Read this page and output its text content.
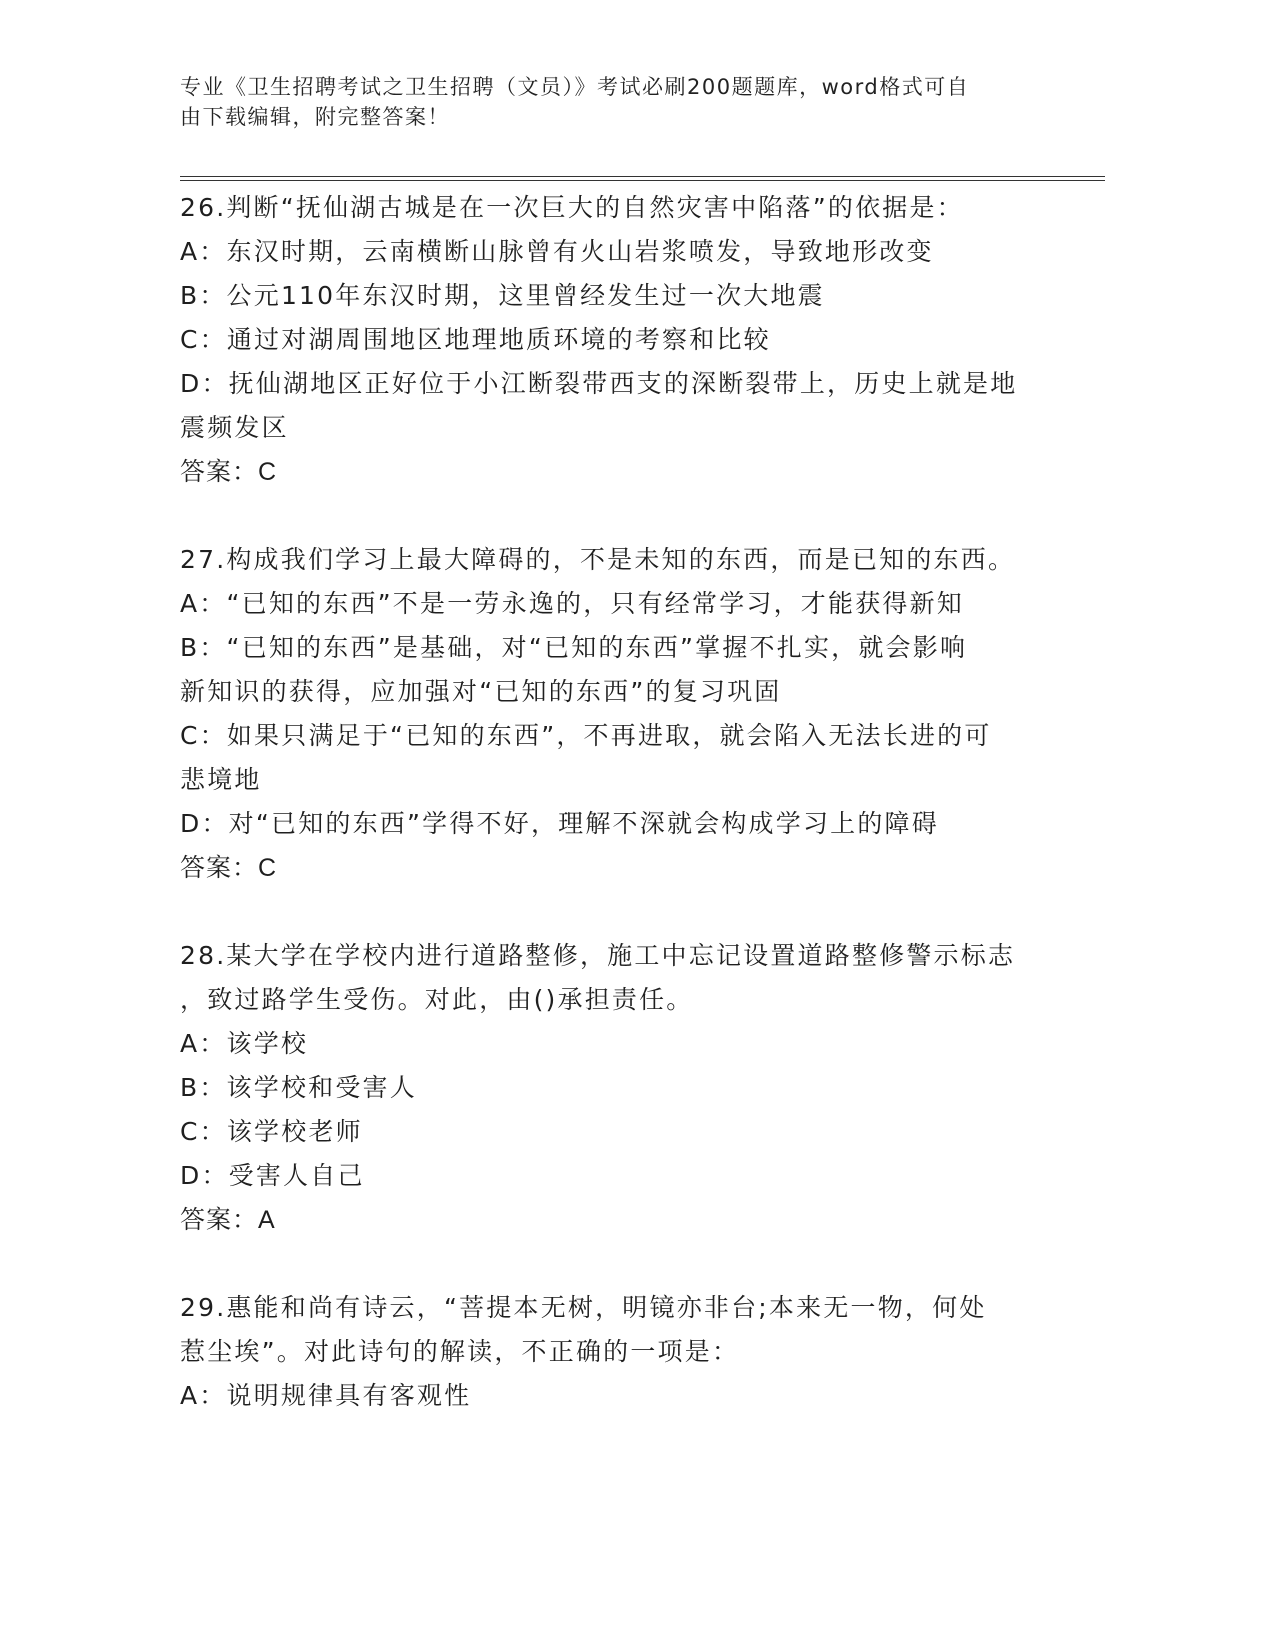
专业《卫生招聘考试之卫生招聘（文员）》考试必刷200题题库，word格式可自
由下载编辑，附完整答案！
26.判断“抚仙湖古城是在一次巨大的自然灾害中陷落”的依据是：
A：东汉时期，云南横断山脉曾有火山岩浆喷发，导致地形改变
B：公元110年东汉时期，这里曾经发生过一次大地震
C：通过对湖周围地区地理地质环境的考察和比较
D：抚仙湖地区正好位于小江断裂带西支的深断裂带上，历史上就是地
震频发区
答案：C
27.构成我们学习上最大障碍的，不是未知的东西，而是已知的东西。
A：“已知的东西”不是一劳永逸的，只有经常学习，才能获得新知
B：“已知的东西”是基础，对“已知的东西”掌握不扎实，就会影响
新知识的获得，应加强对“已知的东西”的复习巩固
C：如果只满足于“已知的东西”，不再进取，就会陷入无法长进的可
悲境地
D：对“已知的东西”学得不好，理解不深就会构成学习上的障碍
答案：C
28.某大学在学校内进行道路整修，施工中忘记设置道路整修警示标志
，致过路学生受伤。对此，由()承担责任。
A：该学校
B：该学校和受害人
C：该学校老师
D：受害人自己
答案：A
29.惠能和尚有诗云，“菩提本无树，明镜亦非台;本来无一物，何处
惹尘埃”。对此诗句的解读，不正确的一项是：
A：说明规律具有客观性
